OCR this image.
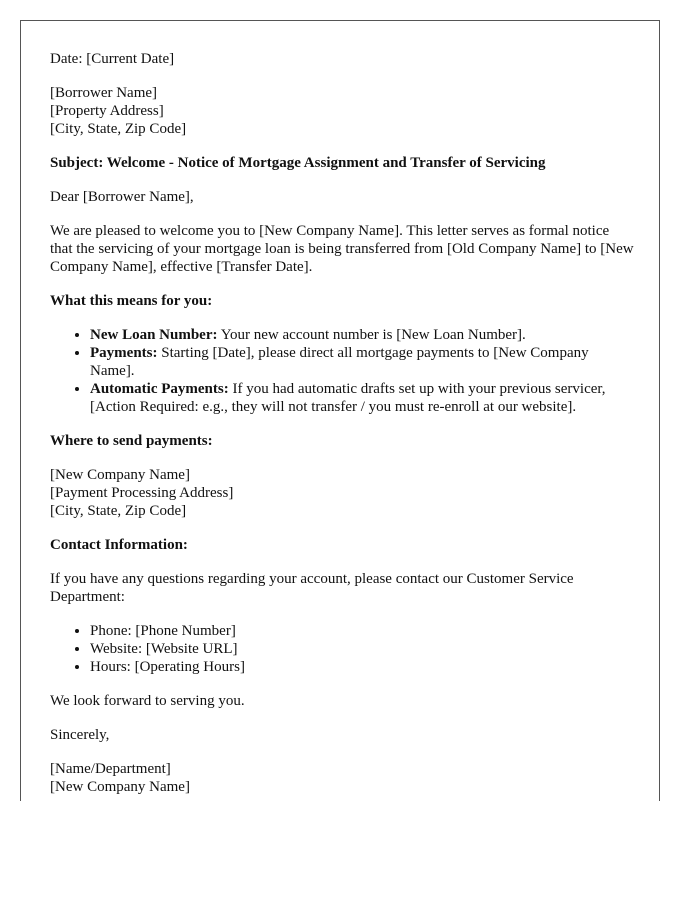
Date: [Current Date]

[Borrower Name]
[Property Address]
[City, State, Zip Code]

Subject: Welcome - Notice of Mortgage Assignment and Transfer of Servicing

Dear [Borrower Name],

We are pleased to welcome you to [New Company Name]. This letter serves as formal notice that the servicing of your mortgage loan is being transferred from [Old Company Name] to [New Company Name], effective [Transfer Date].

What this means for you:

• New Loan Number: Your new account number is [New Loan Number].
• Payments: Starting [Date], please direct all mortgage payments to [New Company Name].
• Automatic Payments: If you had automatic drafts set up with your previous servicer, [Action Required: e.g., they will not transfer / you must re-enroll at our website].

Where to send payments:

[New Company Name]
[Payment Processing Address]
[City, State, Zip Code]

Contact Information:

If you have any questions regarding your account, please contact our Customer Service Department:

• Phone: [Phone Number]
• Website: [Website URL]
• Hours: [Operating Hours]

We look forward to serving you.

Sincerely,

[Name/Department]
[New Company Name]
